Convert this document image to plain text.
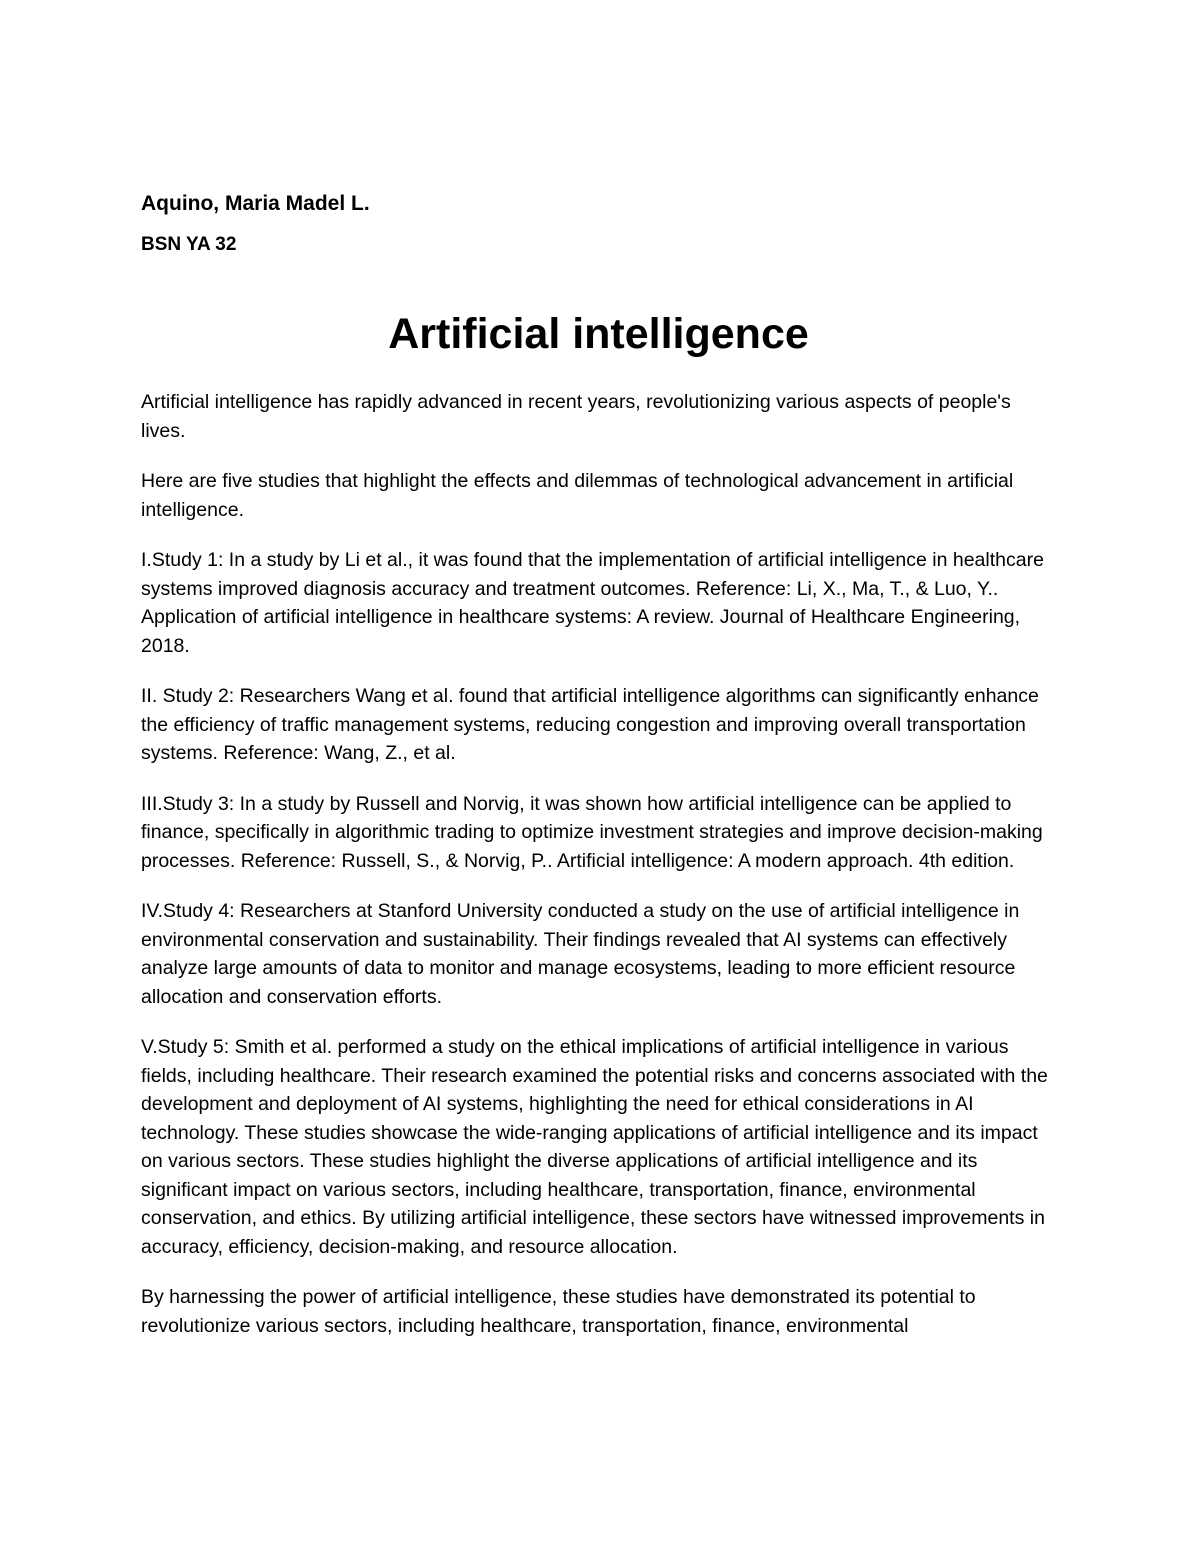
Aquino, Maria Madel L.

BSN YA 32

Artificial intelligence

Artificial intelligence has rapidly advanced in recent years, revolutionizing various aspects of people's lives.

Here are five studies that highlight the effects and dilemmas of technological advancement in artificial intelligence.

I.Study 1: In a study by Li et al., it was found that the implementation of artificial intelligence in healthcare systems improved diagnosis accuracy and treatment outcomes. Reference: Li, X., Ma, T., & Luo, Y.. Application of artificial intelligence in healthcare systems: A review. Journal of Healthcare Engineering, 2018.

II. Study 2: Researchers Wang et al. found that artificial intelligence algorithms can significantly enhance the efficiency of traffic management systems, reducing congestion and improving overall transportation systems. Reference: Wang, Z., et al.

III.Study 3: In a study by Russell and Norvig, it was shown how artificial intelligence can be applied to finance, specifically in algorithmic trading to optimize investment strategies and improve decision-making processes. Reference: Russell, S., & Norvig, P.. Artificial intelligence: A modern approach. 4th edition.

IV.Study 4: Researchers at Stanford University conducted a study on the use of artificial intelligence in environmental conservation and sustainability. Their findings revealed that AI systems can effectively analyze large amounts of data to monitor and manage ecosystems, leading to more efficient resource allocation and conservation efforts.

V.Study 5: Smith et al. performed a study on the ethical implications of artificial intelligence in various fields, including healthcare. Their research examined the potential risks and concerns associated with the development and deployment of AI systems, highlighting the need for ethical considerations in AI technology. These studies showcase the wide-ranging applications of artificial intelligence and its impact on various sectors. These studies highlight the diverse applications of artificial intelligence and its significant impact on various sectors, including healthcare, transportation, finance, environmental conservation, and ethics. By utilizing artificial intelligence, these sectors have witnessed improvements in accuracy, efficiency, decision-making, and resource allocation.

By harnessing the power of artificial intelligence, these studies have demonstrated its potential to revolutionize various sectors, including healthcare, transportation, finance, environmental
